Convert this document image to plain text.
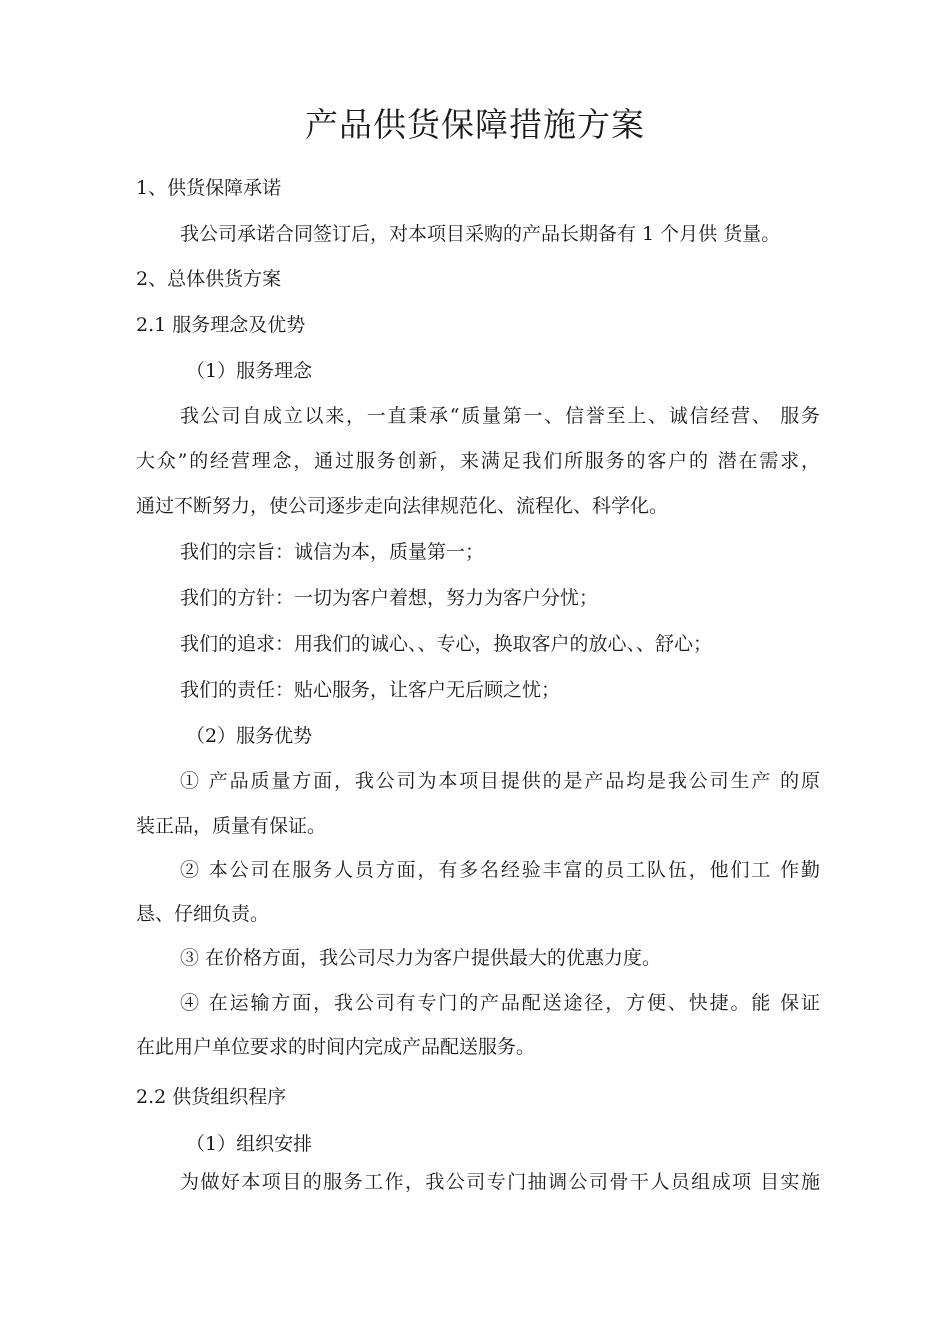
产品供货保障措施方案

1、供货保障承诺

我公司承诺合同签订后，对本项目采购的产品长期备有 1 个月供 货量。

2、总体供货方案

2.1 服务理念及优势

（1）服务理念

我公司自成立以来，一直秉承“质量第一、信誉至上、诚信经营、 服务

大众”的经营理念，通过服务创新，来满足我们所服务的客户的 潜在需求，

通过不断努力，使公司逐步走向法律规范化、流程化、科学化。

我们的宗旨：诚信为本，质量第一；

我们的方针：一切为客户着想，努力为客户分忧；

我们的追求：用我们的诚心、、专心，换取客户的放心、、舒心；

我们的责任：贴心服务，让客户无后顾之忧；

（2）服务优势

① 产品质量方面，我公司为本项目提供的是产品均是我公司生产 的原

装正品，质量有保证。

② 本公司在服务人员方面，有多名经验丰富的员工队伍，他们工 作勤

恳、仔细负责。

③ 在价格方面，我公司尽力为客户提供最大的优惠力度。

④ 在运输方面，我公司有专门的产品配送途径，方便、快捷。能 保证

在此用户单位要求的时间内完成产品配送服务。

2.2 供货组织程序

（1）组织安排

为做好本项目的服务工作，我公司专门抽调公司骨干人员组成项 目实施
